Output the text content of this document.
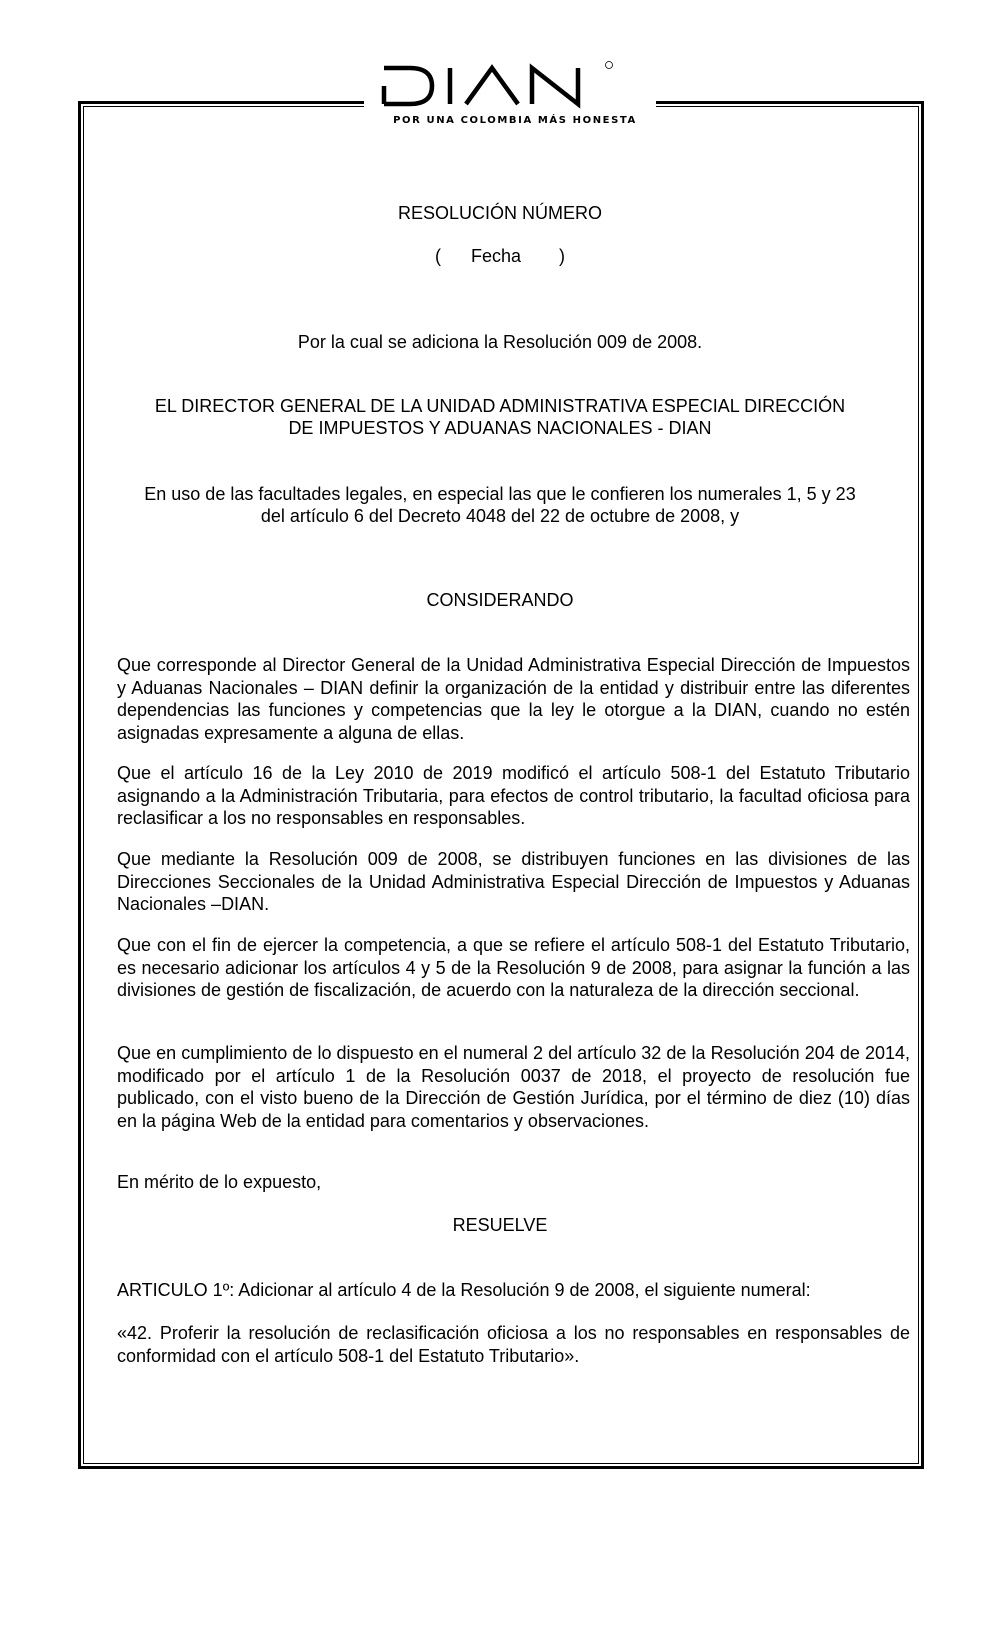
POR UNA COLOMBIA MÁS HONESTA
RESOLUCIÓN NÚMERO
( Fecha )
Por la cual se adiciona la Resolución 009 de 2008.
EL DIRECTOR GENERAL DE LA UNIDAD ADMINISTRATIVA ESPECIAL DIRECCIÓN
DE IMPUESTOS Y ADUANAS NACIONALES - DIAN
En uso de las facultades legales, en especial las que le confieren los numerales 1, 5 y 23
del artículo 6 del Decreto 4048 del 22 de octubre de 2008, y
CONSIDERANDO
Que corresponde al Director General de la Unidad Administrativa Especial Dirección de Impuestos y Aduanas Nacionales – DIAN definir la organización de la entidad y distribuir entre las diferentes dependencias las funciones y competencias que la ley le otorgue a la DIAN, cuando no estén asignadas expresamente a alguna de ellas.
Que el artículo 16 de la Ley 2010 de 2019 modificó el artículo 508-1 del Estatuto Tributario asignando a la Administración Tributaria, para efectos de control tributario, la facultad oficiosa para reclasificar a los no responsables en responsables.
Que mediante la Resolución 009 de 2008, se distribuyen funciones en las divisiones de las Direcciones Seccionales de la Unidad Administrativa Especial Dirección de Impuestos y Aduanas Nacionales –DIAN.
Que con el fin de ejercer la competencia, a que se refiere el artículo 508-1 del Estatuto Tributario, es necesario adicionar los artículos 4 y 5 de la Resolución 9 de 2008, para asignar la función a las divisiones de gestión de fiscalización, de acuerdo con la naturaleza de la dirección seccional.
Que en cumplimiento de lo dispuesto en el numeral 2 del artículo 32 de la Resolución 204 de 2014, modificado por el artículo 1 de la Resolución 0037 de 2018, el proyecto de resolución fue publicado, con el visto bueno de la Dirección de Gestión Jurídica, por el término de diez (10) días en la página Web de la entidad para comentarios y observaciones.
En mérito de lo expuesto,
RESUELVE
ARTICULO 1º: Adicionar al artículo 4 de la Resolución 9 de 2008, el siguiente numeral:
«42. Proferir la resolución de reclasificación oficiosa a los no responsables en responsables de conformidad con el artículo 508-1 del Estatuto Tributario».
